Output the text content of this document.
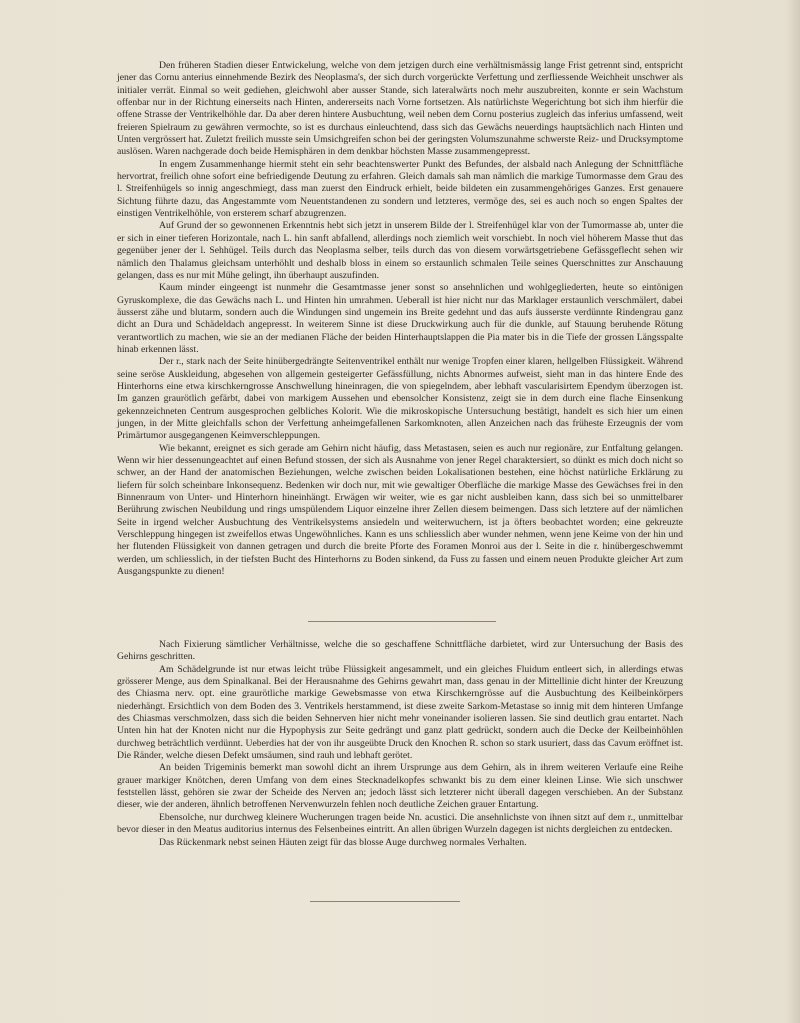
Den früheren Stadien dieser Entwickelung, welche von dem jetzigen durch eine verhältnismässig lange Frist getrennt sind, entspricht jener das Cornu anterius einnehmende Bezirk des Neoplasma's, der sich durch vorgerückte Verfettung und zerfliessende Weichheit unschwer als initialer verrät. Einmal so weit gediehen, gleichwohl aber ausser Stande, sich lateralwärts noch mehr auszubreiten, konnte er sein Wachstum offenbar nur in der Richtung einerseits nach Hinten, andererseits nach Vorne fortsetzen. Als natürlichste Wegerichtung bot sich ihm hierfür die offene Strasse der Ventrikelhöhle dar. Da aber deren hintere Ausbuchtung, weil neben dem Cornu posterius zugleich das inferius umfassend, weit freieren Spielraum zu gewähren vermochte, so ist es durchaus einleuchtend, dass sich das Gewächs neuerdings hauptsächlich nach Hinten und Unten vergrössert hat. Zuletzt freilich musste sein Umsichgreifen schon bei der geringsten Volumszunahme schwerste Reiz- und Drucksymptome auslösen. Waren nachgerade doch beide Hemisphären in dem denkbar höchsten Masse zusammengepresst.

In engem Zusammenhange hiermit steht ein sehr beachtenswerter Punkt des Befundes, der alsbald nach Anlegung der Schnittfläche hervortrat, freilich ohne sofort eine befriedigende Deutung zu erfahren. Gleich damals sah man nämlich die markige Tumormasse dem Grau des l. Streifenhügels so innig angeschmiegt, dass man zuerst den Eindruck erhielt, beide bildeten ein zusammengehöriges Ganzes. Erst genauere Sichtung führte dazu, das Angestammte vom Neuentstandenen zu sondern und letzteres, vermöge des, sei es auch noch so engen Spaltes der einstigen Ventrikelhöhle, von ersterem scharf abzugrenzen.

Auf Grund der so gewonnenen Erkenntnis hebt sich jetzt in unserem Bilde der l. Streifenhügel klar von der Tumormasse ab, unter die er sich in einer tieferen Horizontale, nach L. hin sanft abfallend, allerdings noch ziemlich weit vorschiebt. In noch viel höherem Masse thut das gegenüber jener der l. Sehhügel. Teils durch das Neoplasma selber, teils durch das von diesem vorwärtsgetriebene Gefässgeflecht sehen wir nämlich den Thalamus gleichsam unterhöhlt und deshalb bloss in einem so erstaunlich schmalen Teile seines Querschnittes zur Anschauung gelangen, dass es nur mit Mühe gelingt, ihn überhaupt auszufinden.

Kaum minder eingeengt ist nunmehr die Gesamtmasse jener sonst so ansehnlichen und wohlgegliederten, heute so eintönigen Gyruskomplexe, die das Gewächs nach L. und Hinten hin umrahmen. Ueberall ist hier nicht nur das Marklager erstaunlich verschmälert, dabei äusserst zähe und blutarm, sondern auch die Windungen sind ungemein ins Breite gedehnt und das aufs äusserste verdünnte Rindengrau ganz dicht an Dura und Schädeldach angepresst. In weiterem Sinne ist diese Druckwirkung auch für die dunkle, auf Stauung beruhende Rötung verantwortlich zu machen, wie sie an der medianen Fläche der beiden Hinterhauptslappen die Pia mater bis in die Tiefe der grossen Längsspalte hinab erkennen lässt.

Der r., stark nach der Seite hinübergedrängte Seitenventrikel enthält nur wenige Tropfen einer klaren, hellgelben Flüssigkeit. Während seine seröse Auskleidung, abgesehen von allgemein gesteigerter Gefässfüllung, nichts Abnormes aufweist, sieht man in das hintere Ende des Hinterhorns eine etwa kirschkerngrosse Anschwellung hineinragen, die von spiegelndem, aber lebhaft vascularisirtem Ependym überzogen ist. Im ganzen graurötlich gefärbt, dabei von markigem Aussehen und ebensolcher Konsistenz, zeigt sie in dem durch eine flache Einsenkung gekennzeichneten Centrum ausgesprochen gelbliches Kolorit. Wie die mikroskopische Untersuchung bestätigt, handelt es sich hier um einen jungen, in der Mitte gleichfalls schon der Verfettung anheimgefallenen Sarkomknoten, allen Anzeichen nach das früheste Erzeugnis der vom Primärtumor ausgegangenen Keimverschleppungen.

Wie bekannt, ereignet es sich gerade am Gehirn nicht häufig, dass Metastasen, seien es auch nur regionäre, zur Entfaltung gelangen. Wenn wir hier dessenungeachtet auf einen Befund stossen, der sich als Ausnahme von jener Regel charaktersiert, so dünkt es mich doch nicht so schwer, an der Hand der anatomischen Beziehungen, welche zwischen beiden Lokalisationen bestehen, eine höchst natürliche Erklärung zu liefern für solch scheinbare Inkonsequenz. Bedenken wir doch nur, mit wie gewaltiger Oberfläche die markige Masse des Gewächses frei in den Binnenraum von Unter- und Hinterhorn hineinhängt. Erwägen wir weiter, wie es gar nicht ausbleiben kann, dass sich bei so unmittelbarer Berührung zwischen Neubildung und rings umspülendem Liquor einzelne ihrer Zellen diesem beimengen. Dass sich letztere auf der nämlichen Seite in irgend welcher Ausbuchtung des Ventrikelsystems ansiedeln und weiterwuchern, ist ja öfters beobachtet worden; eine gekreuzte Verschleppung hingegen ist zweifellos etwas Ungewöhnliches. Kann es uns schliesslich aber wunder nehmen, wenn jene Keime von der hin und her flutenden Flüssigkeit von dannen getragen und durch die breite Pforte des Foramen Monroi aus der l. Seite in die r. hinübergeschwemmt werden, um schliesslich, in der tiefsten Bucht des Hinterhorns zu Boden sinkend, da Fuss zu fassen und einem neuen Produkte gleicher Art zum Ausgangspunkte zu dienen!

Nach Fixierung sämtlicher Verhältnisse, welche die so geschaffene Schnittfläche darbietet, wird zur Untersuchung der Basis des Gehirns geschritten.

Am Schädelgrunde ist nur etwas leicht trübe Flüssigkeit angesammelt, und ein gleiches Fluidum entleert sich, in allerdings etwas grösserer Menge, aus dem Spinalkanal. Bei der Herausnahme des Gehirns gewahrt man, dass genau in der Mittellinie dicht hinter der Kreuzung des Chiasma nerv. opt. eine graurötliche markige Gewebsmasse von etwa Kirschkerngrösse auf die Ausbuchtung des Keilbeinkörpers niederhängt. Ersichtlich von dem Boden des 3. Ventrikels herstammend, ist diese zweite Sarkom-Metastase so innig mit dem hinteren Umfange des Chiasmas verschmolzen, dass sich die beiden Sehnerven hier nicht mehr voneinander isolieren lassen. Sie sind deutlich grau entartet. Nach Unten hin hat der Knoten nicht nur die Hypophysis zur Seite gedrängt und ganz platt gedrückt, sondern auch die Decke der Keilbeinhöhlen durchweg beträchtlich verdünnt. Ueberdies hat der von ihr ausgeübte Druck den Knochen R. schon so stark usuriert, dass das Cavum eröffnet ist. Die Ränder, welche diesen Defekt umsäumen, sind rauh und lebhaft gerötet.

An beiden Trigeminis bemerkt man sowohl dicht an ihrem Ursprunge aus dem Gehirn, als in ihrem weiteren Verlaufe eine Reihe grauer markiger Knötchen, deren Umfang von dem eines Stecknadelkopfes schwankt bis zu dem einer kleinen Linse. Wie sich unschwer feststellen lässt, gehören sie zwar der Scheide des Nerven an; jedoch lässt sich letzterer nicht überall dagegen verschieben. An der Substanz dieser, wie der anderen, ähnlich betroffenen Nervenwurzeln fehlen noch deutliche Zeichen grauer Entartung.

Ebensolche, nur durchweg kleinere Wucherungen tragen beide Nn. acustici. Die ansehnlichste von ihnen sitzt auf dem r., unmittelbar bevor dieser in den Meatus auditorius internus des Felsenbeines eintritt. An allen übrigen Wurzeln dagegen ist nichts dergleichen zu entdecken.

Das Rückenmark nebst seinen Häuten zeigt für das blosse Auge durchweg normales Verhalten.
